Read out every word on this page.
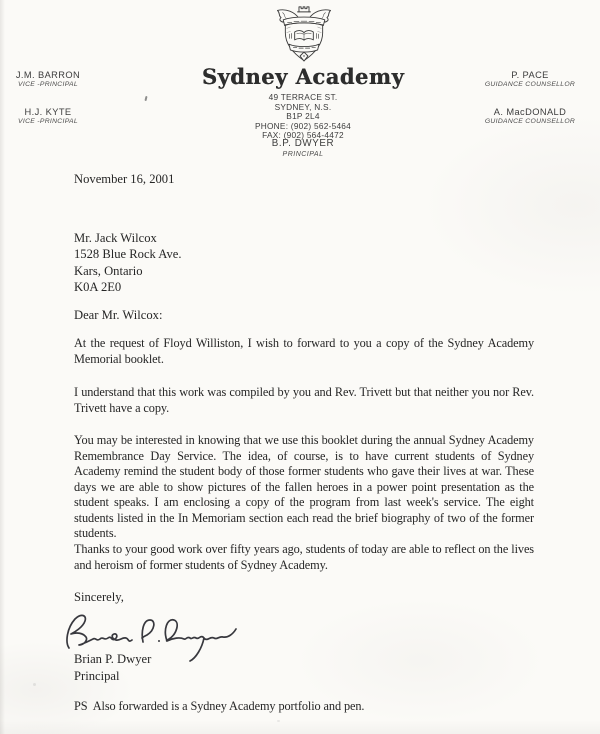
Sydney Academy
49 TERRACE ST.
SYDNEY, N.S.
B1P 2L4
PHONE: (902) 562-5464
FAX: (902) 564-4472
B.P. DWYER
PRINCIPAL
J.M. BARRON
VICE -PRINCIPAL
H.J. KYTE
VICE -PRINCIPAL
P. PACE
GUIDANCE COUNSELLOR
A. MacDONALD
GUIDANCE COUNSELLOR
November 16, 2001
Mr. Jack Wilcox
1528 Blue Rock Ave.
Kars, Ontario
K0A 2E0
Dear Mr. Wilcox:

At the request of Floyd Williston, I wish to forward to you a copy of the Sydney Academy Memorial booklet.

I understand that this work was compiled by you and Rev. Trivett but that neither you nor Rev. Trivett have a copy.

You may be interested in knowing that we use this booklet during the annual Sydney Academy Remembrance Day Service. The idea, of course, is to have current students of Sydney Academy remind the student body of those former students who gave their lives at war. These days we are able to show pictures of the fallen heroes in a power point presentation as the student speaks. I am enclosing a copy of the program from last week's service. The eight students listed in the In Memoriam section each read the brief biography of two of the former students.

Thanks to your good work over fifty years ago, students of today are able to reflect on the lives and heroism of former students of Sydney Academy.

Sincerely,
Brian P. Dwyer
Principal

PS  Also forwarded is a Sydney Academy portfolio and pen.
